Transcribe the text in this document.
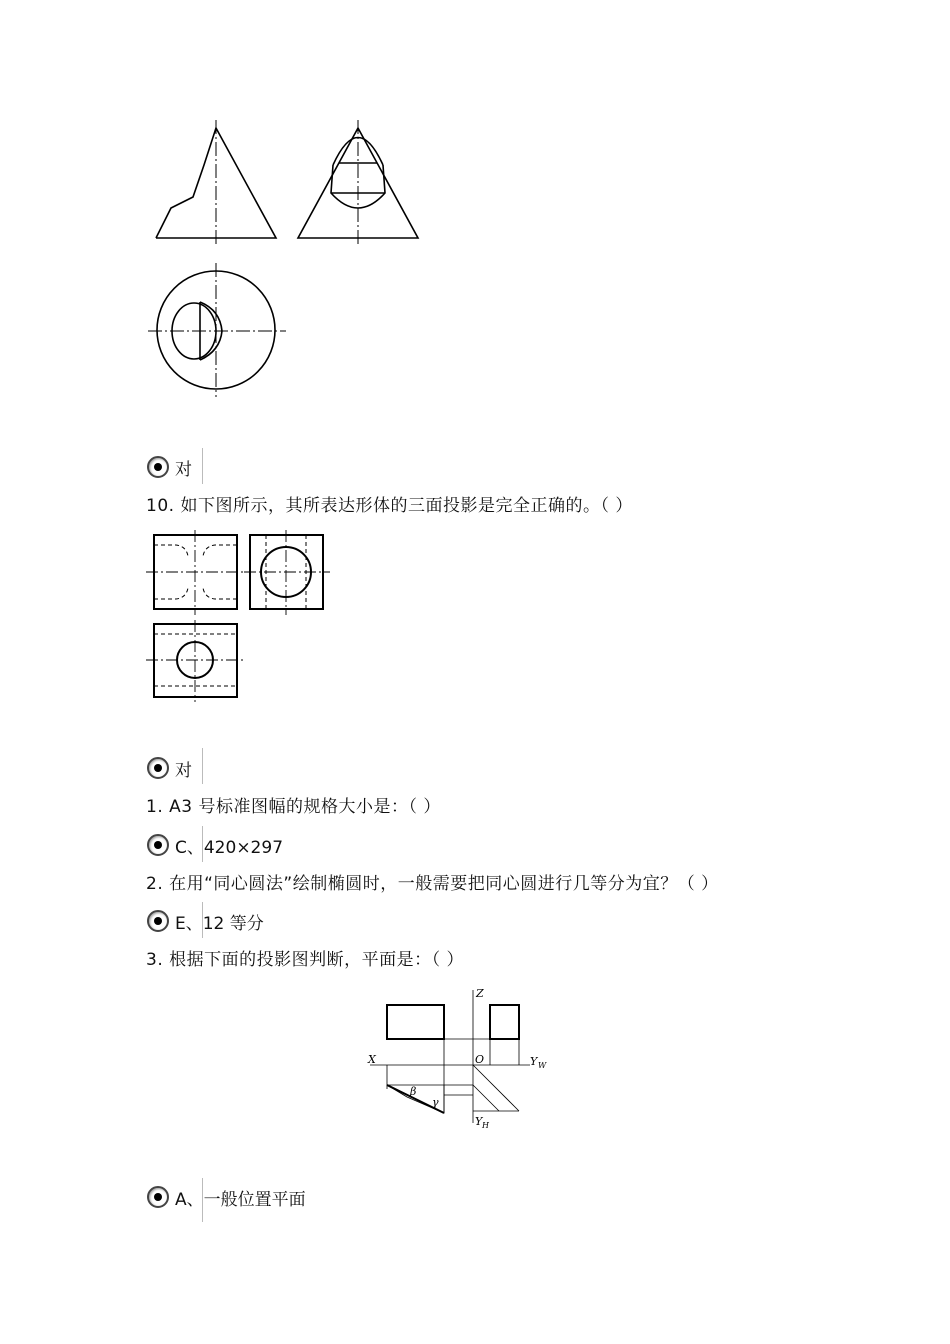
对
10. 如下图所示，其所表达形体的三面投影是完全正确的。（ ）
对
1. A3 号标准图幅的规格大小是：（ ）
C、420×297
2. 在用“同心圆法”绘制椭圆时，一般需要把同心圆进行几等分为宜？（ ）
E、12 等分
3. 根据下面的投影图判断，平面是：（ ）
Z
X	O	Y W
Y H
β
γ
A、一般位置平面
